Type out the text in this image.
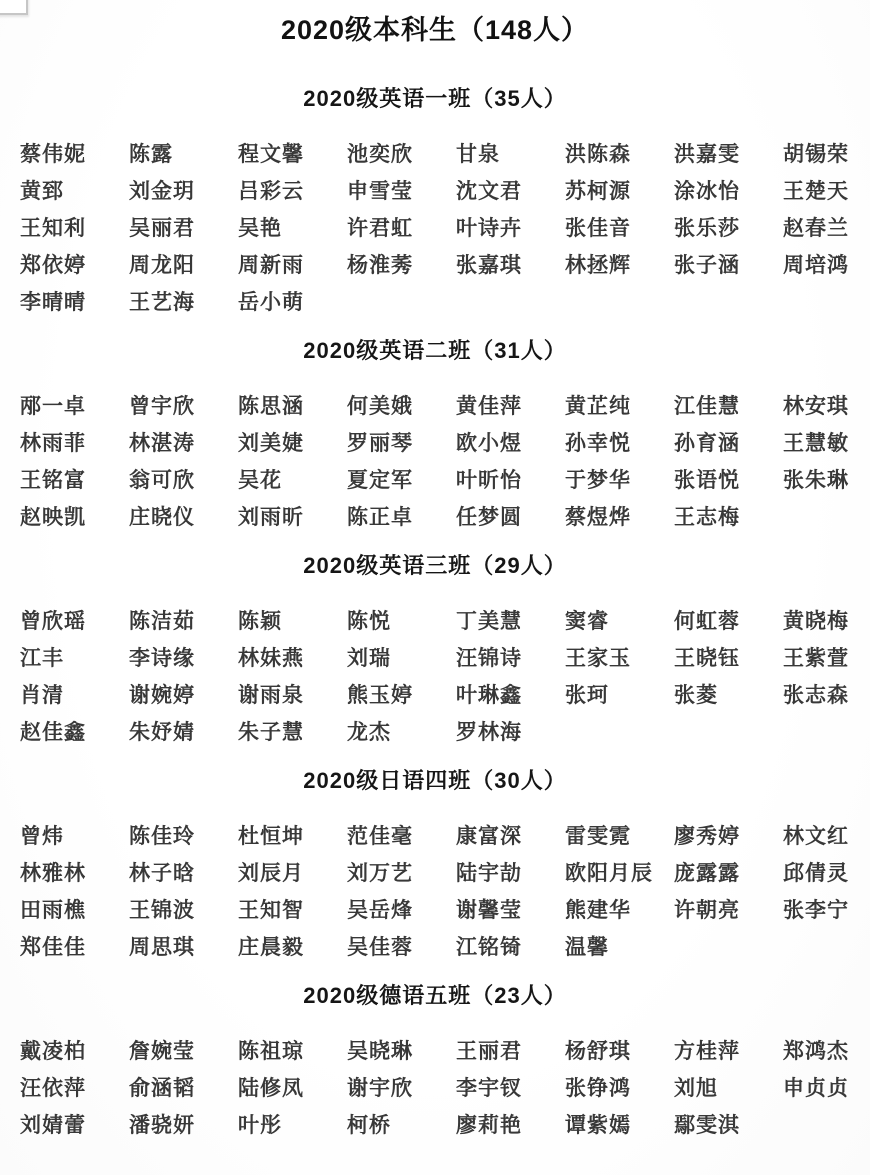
2020级本科生（148人）
2020级英语一班（35人）
蔡伟妮	陈露	程文馨	池奕欣	甘泉	洪陈森	洪嘉雯	胡锡荣
黄郅	刘金玥	吕彩云	申雪莹	沈文君	苏柯源	涂冰怡	王楚天
王知利	吴丽君	吴艳	许君虹	叶诗卉	张佳音	张乐莎	赵春兰
郑依婷	周龙阳	周新雨	杨淮莠	张嘉琪	林拯辉	张子涵	周培鸿
李晴晴	王艺海	岳小萌
2020级英语二班（31人）
邴一卓	曾宇欣	陈思涵	何美娥	黄佳萍	黄芷纯	江佳慧	林安琪
林雨菲	林湛涛	刘美婕	罗丽琴	欧小煜	孙幸悦	孙育涵	王慧敏
王铭富	翁可欣	吴花	夏定军	叶昕怡	于梦华	张语悦	张朱琳
赵映凯	庄晓仪	刘雨昕	陈正卓	任梦圆	蔡煜烨	王志梅
2020级英语三班（29人）
曾欣瑶	陈洁茹	陈颖	陈悦	丁美慧	窦睿	何虹蓉	黄晓梅
江丰	李诗缘	林妹燕	刘瑞	汪锦诗	王家玉	王晓钰	王紫萱
肖清	谢婉婷	谢雨泉	熊玉婷	叶琳鑫	张珂	张菱	张志森
赵佳鑫	朱妤婧	朱子慧	龙杰	罗林海
2020级日语四班（30人）
曾炜	陈佳玲	杜恒坤	范佳毫	康富深	雷雯霓	廖秀婷	林文红
林雅林	林子晗	刘辰月	刘万艺	陆宇劼	欧阳月辰	庞露露	邱倩灵
田雨樵	王锦波	王知智	吴岳烽	谢馨莹	熊建华	许朝亮	张李宁
郑佳佳	周思琪	庄晨毅	吴佳蓉	江铭锜	温馨
2020级德语五班（23人）
戴凌柏	詹婉莹	陈祖琼	吴晓琳	王丽君	杨舒琪	方桂萍	郑鸿杰
汪依萍	俞涵韬	陆修凤	谢宇欣	李宇钗	张铮鸿	刘旭	申贞贞
刘婧蕾	潘骁妍	叶彤	柯桥	廖莉艳	谭紫嫣	鄢雯淇
